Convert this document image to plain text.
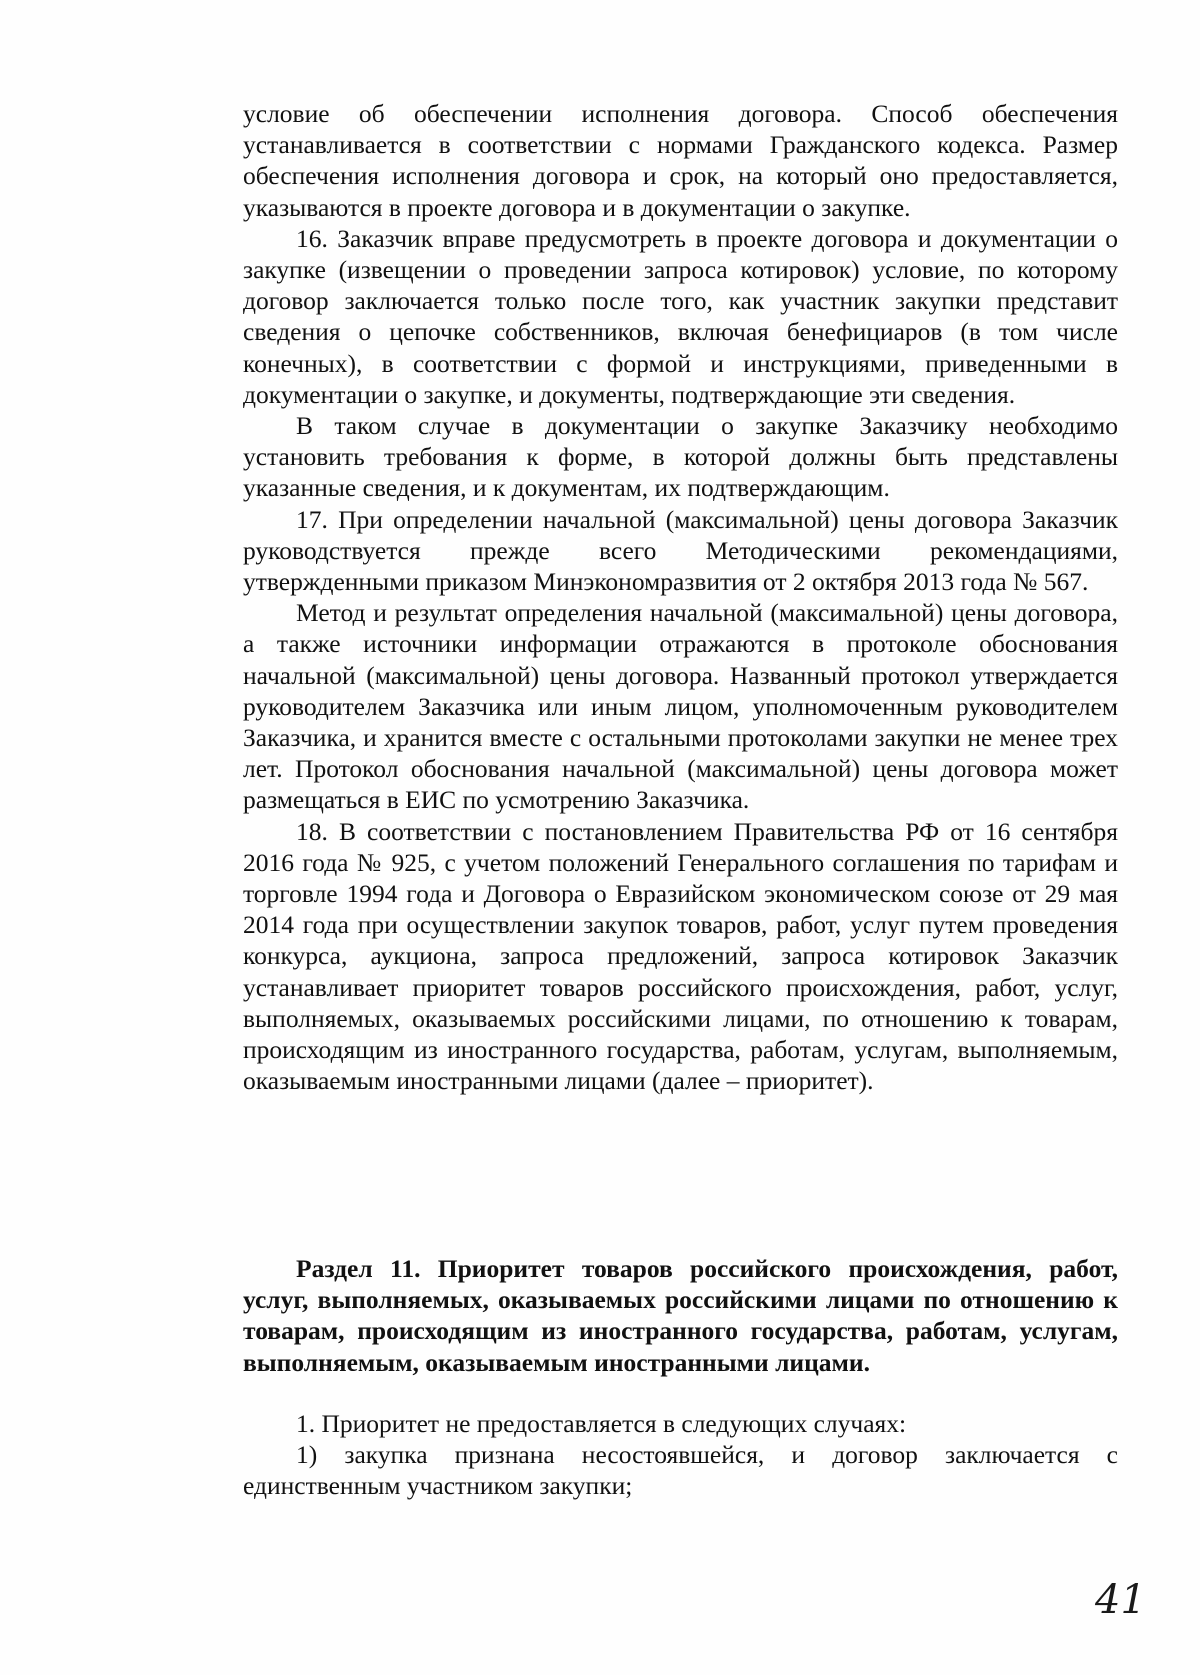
условие об обеспечении исполнения договора. Способ обеспечения устанавливается в соответствии с нормами Гражданского кодекса. Размер обеспечения исполнения договора и срок, на который оно предоставляется, указываются в проекте договора и в документации о закупке.

16. Заказчик вправе предусмотреть в проекте договора и документации о закупке (извещении о проведении запроса котировок) условие, по которому договор заключается только после того, как участник закупки представит сведения о цепочке собственников, включая бенефициаров (в том числе конечных), в соответствии с формой и инструкциями, приведенными в документации о закупке, и документы, подтверждающие эти сведения.

В таком случае в документации о закупке Заказчику необходимо установить требования к форме, в которой должны быть представлены указанные сведения, и к документам, их подтверждающим.

17. При определении начальной (максимальной) цены договора Заказчик руководствуется прежде всего Методическими рекомендациями, утвержденными приказом Минэкономразвития от 2 октября 2013 года № 567.

Метод и результат определения начальной (максимальной) цены договора, а также источники информации отражаются в протоколе обоснования начальной (максимальной) цены договора. Названный протокол утверждается руководителем Заказчика или иным лицом, уполномоченным руководителем Заказчика, и хранится вместе с остальными протоколами закупки не менее трех лет. Протокол обоснования начальной (максимальной) цены договора может размещаться в ЕИС по усмотрению Заказчика.

18. В соответствии с постановлением Правительства РФ от 16 сентября 2016 года № 925, с учетом положений Генерального соглашения по тарифам и торговле 1994 года и Договора о Евразийском экономическом союзе от 29 мая 2014 года при осуществлении закупок товаров, работ, услуг путем проведения конкурса, аукциона, запроса предложений, запроса котировок Заказчик устанавливает приоритет товаров российского происхождения, работ, услуг, выполняемых, оказываемых российскими лицами, по отношению к товарам, происходящим из иностранного государства, работам, услугам, выполняемым, оказываемым иностранными лицами (далее – приоритет).

Раздел 11. Приоритет товаров российского происхождения, работ, услуг, выполняемых, оказываемых российскими лицами по отношению к товарам, происходящим из иностранного государства, работам, услугам, выполняемым, оказываемым иностранными лицами.

1. Приоритет не предоставляется в следующих случаях:

1) закупка признана несостоявшейся, и договор заключается с единственным участником закупки;

41
